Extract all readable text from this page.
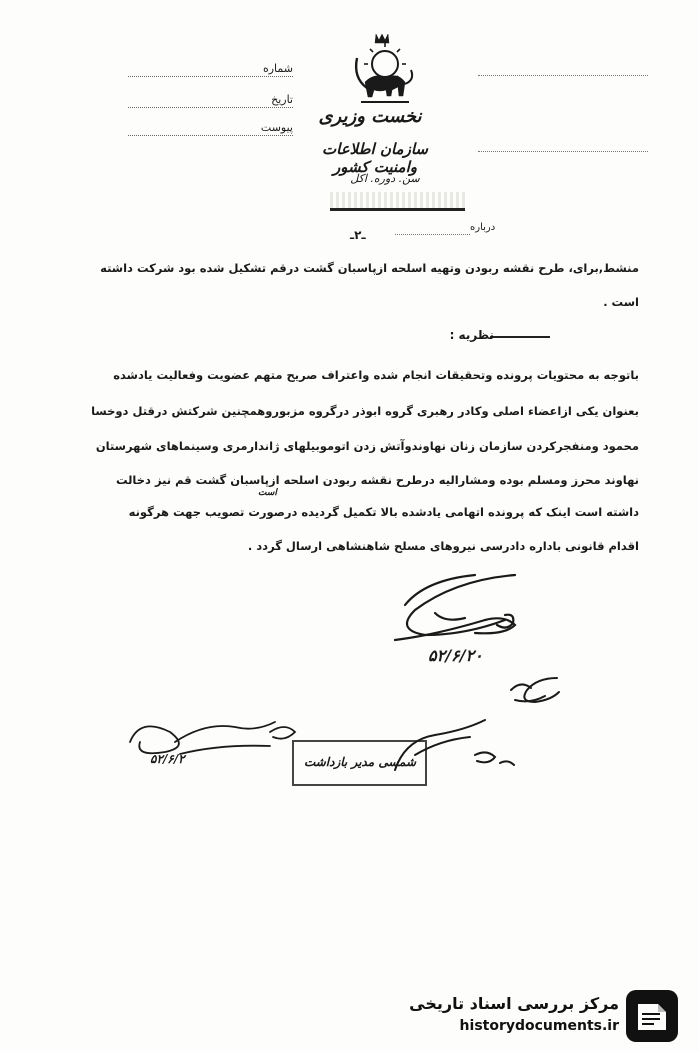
شماره
تاریخ
پیوست
نخست وزیری
سازمان اطلاعات وامنیت کشور
سن. دوره. اکل
ـ۲ـ
درباره
منشط,برای، طرح نقشه ربودن وتهیه اسلحه ازپاسبان گشت درقم تشکیل شده بود شرکت داشته
است .
نظریه :
باتوجه به محتویات پرونده وتحقیقات انجام شده واعتراف صریح متهم عضویت وفعالیت یادشده
بعنوان یکی ازاعضاء اصلی وکادر رهبری گروه ابوذر درگروه مزبوروهمچنین شرکتش درقتل دوخسا
محمود ومنفجرکردن سازمان زنان نهاوندوآتش زدن اتوموبیلهای ژاندارمری وسینماهای شهرستان
نهاوند محرز ومسلم بوده ومشارالیه درطرح نقشه ربودن اسلحه ازپاسبان گشت قم نیز دخالت
است
داشته است اینک که پرونده اتهامی یادشده بالا تکمیل گردیده درصورت تصویب جهت هرگونه
اقدام قانونی باداره دادرسی نیروهای مسلح شاهنشاهی ارسال گردد .
۵۲/۶/۲۰
۵۲/۶/۲	شمسی مدیر بازداشت
مرکز بررسی اسناد تاریخی
historydocuments.ir
